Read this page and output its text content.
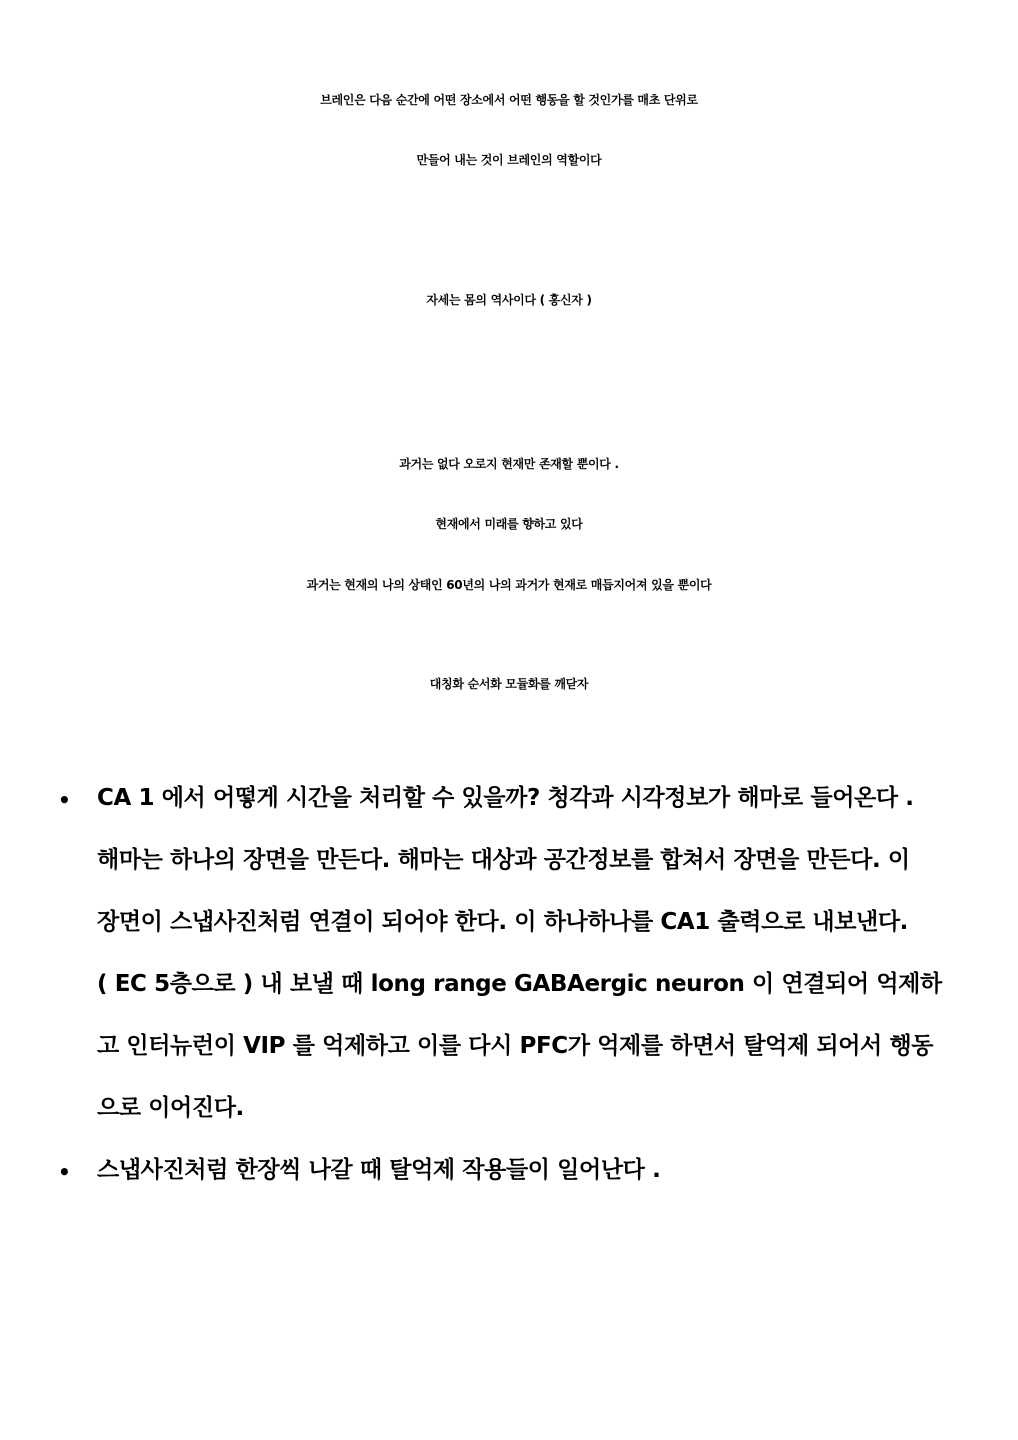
브레인은 다음 순간에 어떤 장소에서 어떤 행동을 할 것인가를 매초 단위로
만들어 내는 것이 브레인의 역할이다
자세는 몸의 역사이다 ( 홍신자 )
과거는 없다 오로지 현재만 존재할 뿐이다 .
현재에서 미래를 향하고 있다
과거는 현재의 나의 상태인 60년의 나의 과거가 현재로 매듭지어져 있을 뿐이다
대칭화 순서화 모듈화를 깨닫자
• CA 1 에서 어떻게 시간을 처리할 수 있을까? 청각과 시각정보가 해마로 들어온다 .
해마는 하나의 장면을 만든다. 해마는 대상과 공간정보를 합쳐서 장면을 만든다. 이
장면이 스냅사진처럼 연결이 되어야 한다. 이 하나하나를 CA1 출력으로 내보낸다.
( EC 5층으로 ) 내 보낼 때 long range GABAergic neuron 이 연결되어 억제하
고 인터뉴런이 VIP 를 억제하고 이를 다시 PFC가 억제를 하면서 탈억제 되어서 행동
으로 이어진다.
• 스냅사진처럼 한장씩 나갈 때 탈억제 작용들이 일어난다 .
